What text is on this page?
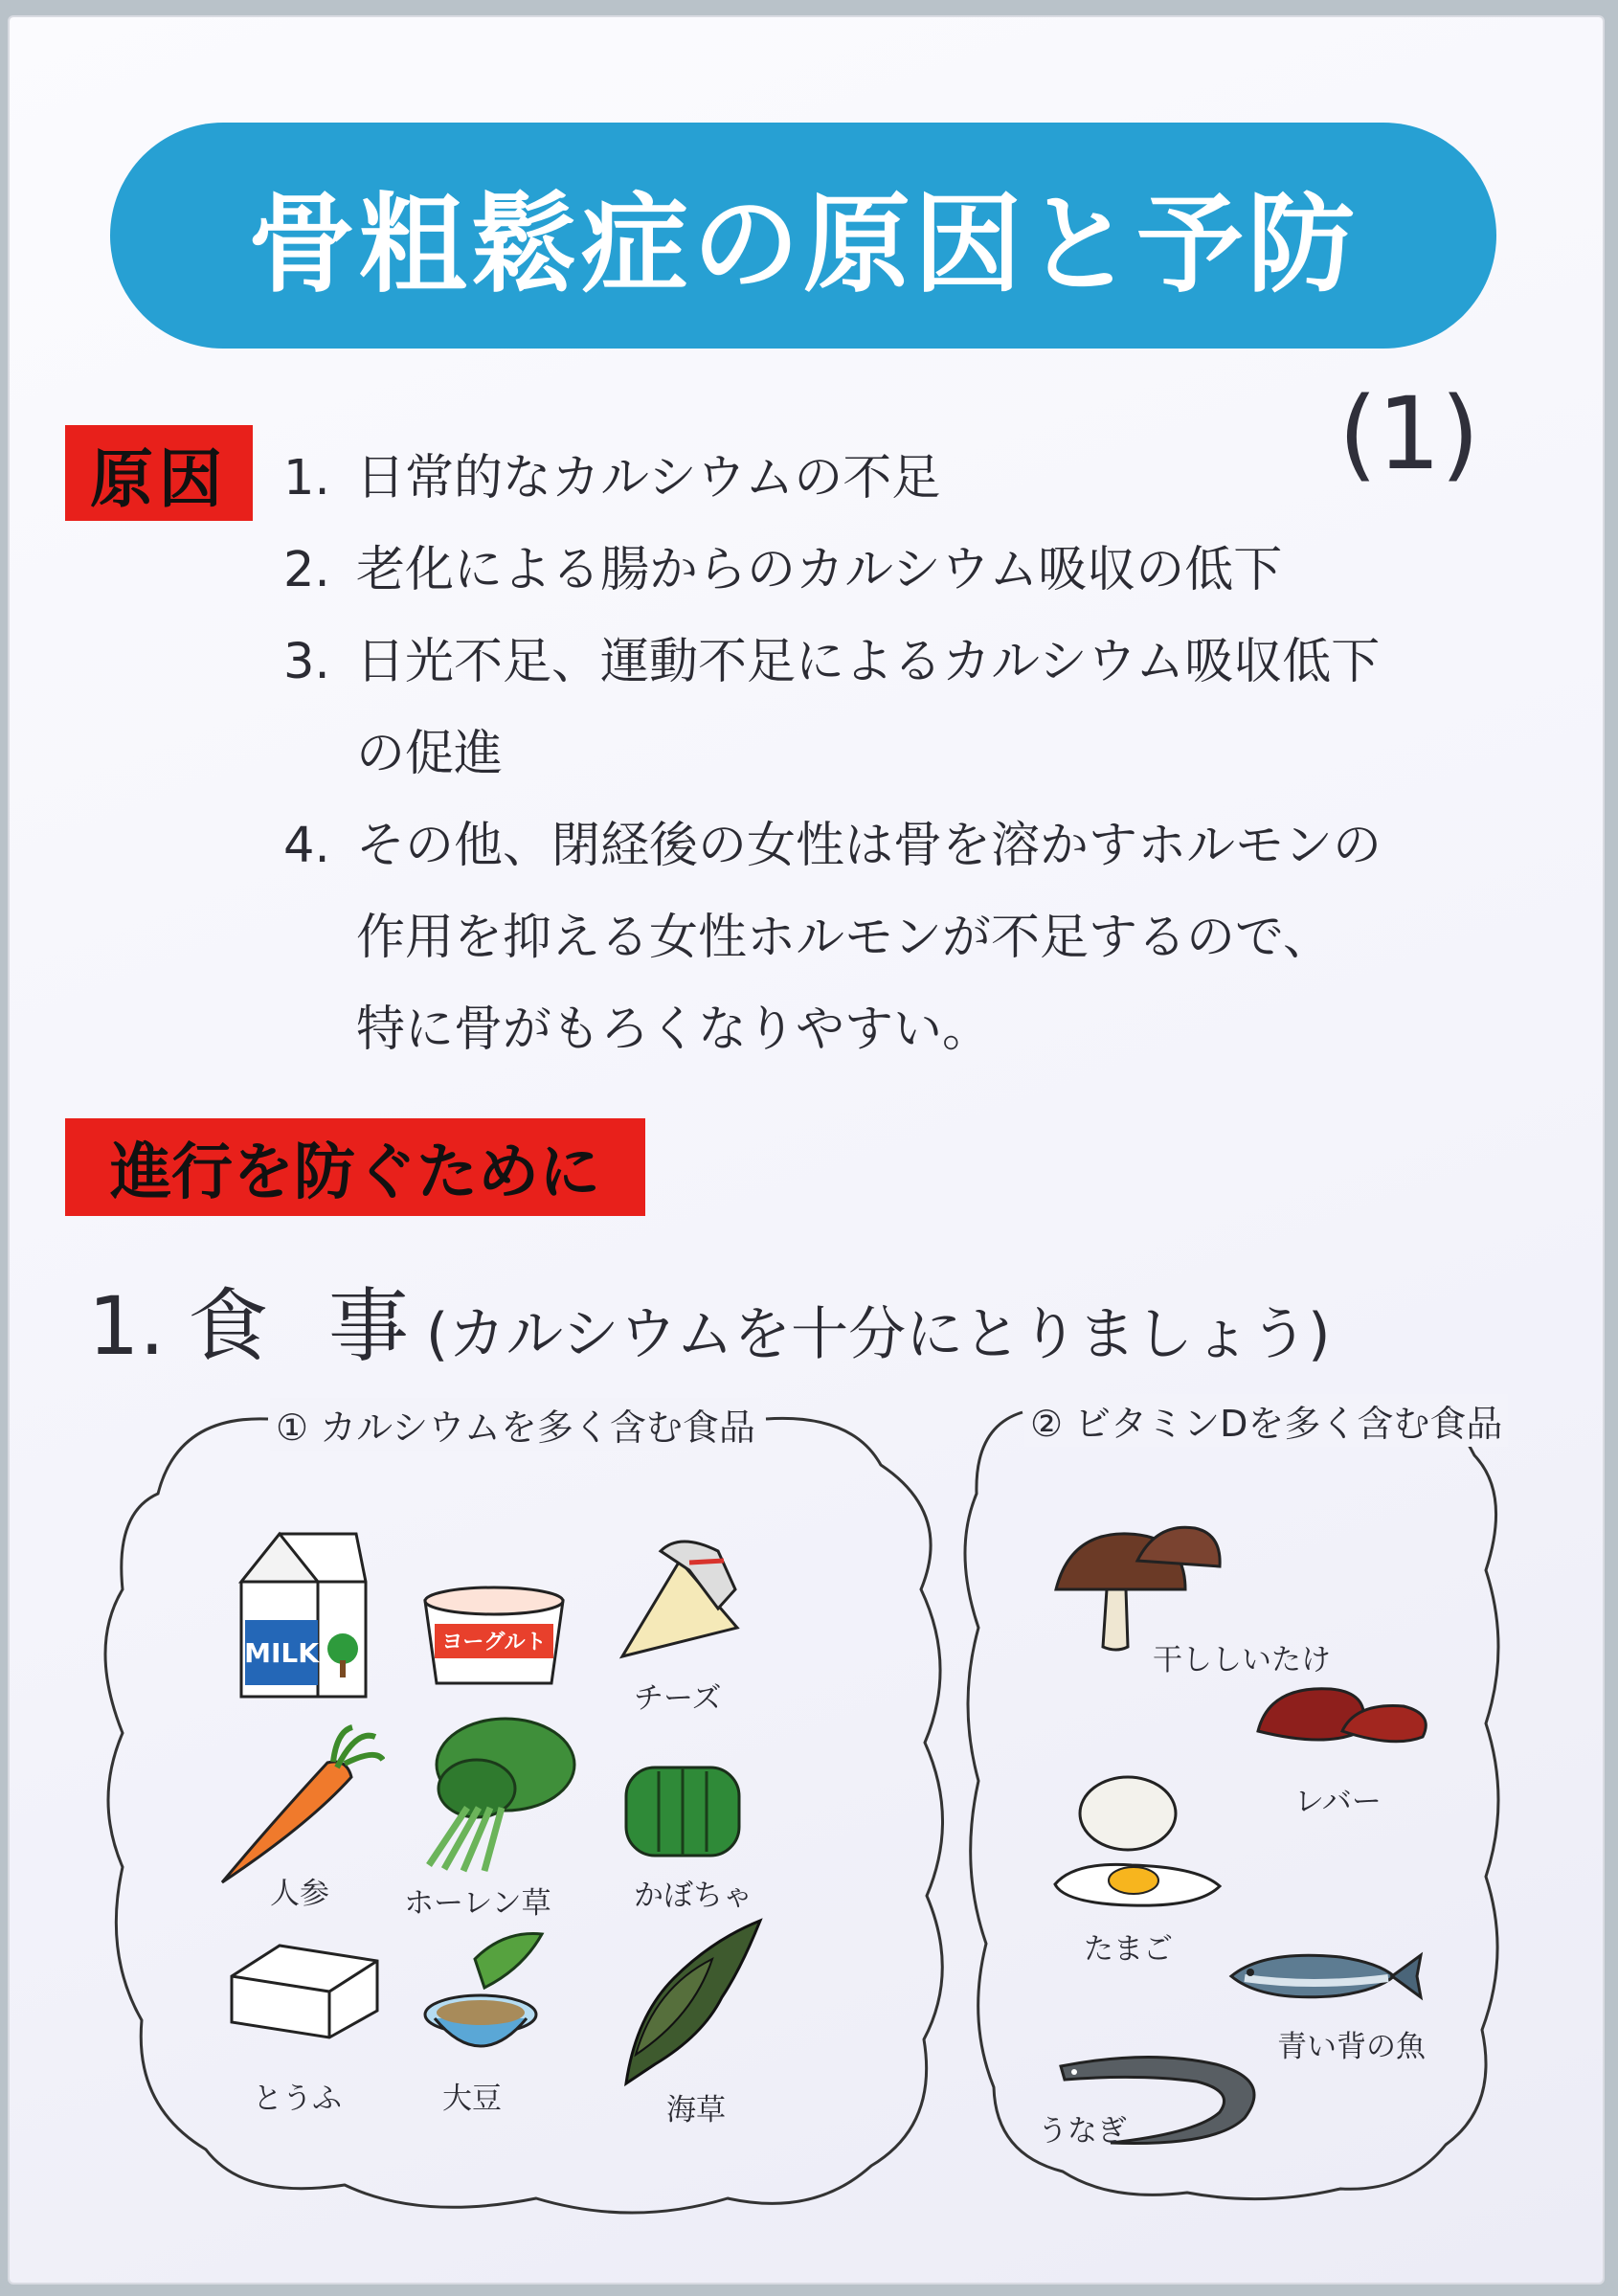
骨粗鬆症の原因と予防
(1)
原因	1. 日常的なカルシウムの不足
2. 老化による腸からのカルシウム吸収の低下
3. 日光不足、運動不足によるカルシウム吸収低下
の促進
4. その他、閉経後の女性は骨を溶かすホルモンの
作用を抑える女性ホルモンが不足するので、
特に骨がもろくなりやすい。
進行を防ぐために
1. 食 事(カルシウムを十分にとりましょう)
① カルシウムを多く含む食品	② ビタミンDを多く含む食品
MILK	ヨーグルト
チーズ
人参	ホーレン草	かぼちゃ
とうふ	大豆	海草
干ししいたけ
レバー
たまご
青い背の魚
うなぎ
